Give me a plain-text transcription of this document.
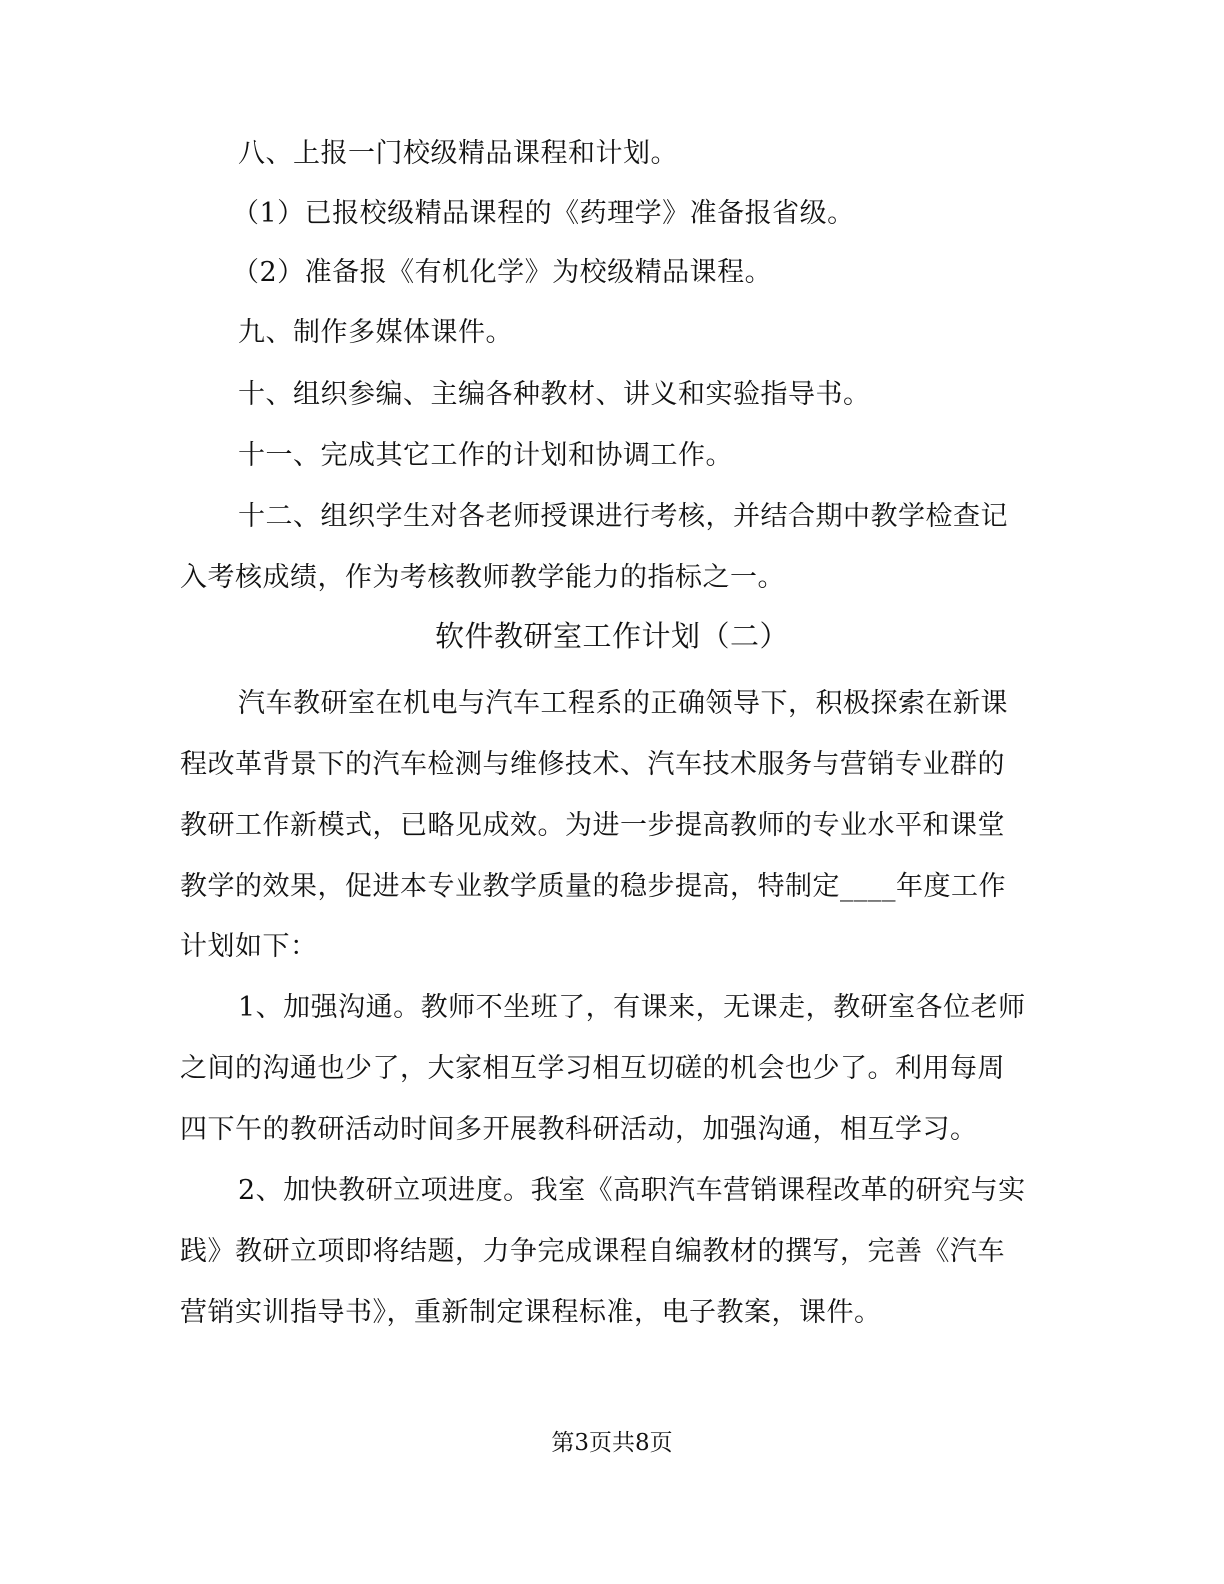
八、上报一门校级精品课程和计划。
（1）已报校级精品课程的《药理学》准备报省级。
（2）准备报《有机化学》为校级精品课程。
九、制作多媒体课件。
十、组织参编、主编各种教材、讲义和实验指导书。
十一、完成其它工作的计划和协调工作。
十二、组织学生对各老师授课进行考核，并结合期中教学检查记
入考核成绩，作为考核教师教学能力的指标之一。
软件教研室工作计划（二）
汽车教研室在机电与汽车工程系的正确领导下，积极探索在新课
程改革背景下的汽车检测与维修技术、汽车技术服务与营销专业群的
教研工作新模式，已略见成效。为进一步提高教师的专业水平和课堂
教学的效果，促进本专业教学质量的稳步提高，特制定____年度工作
计划如下：
1、加强沟通。教师不坐班了，有课来，无课走，教研室各位老师
之间的沟通也少了，大家相互学习相互切磋的机会也少了。利用每周
四下午的教研活动时间多开展教科研活动，加强沟通，相互学习。
2、加快教研立项进度。我室《高职汽车营销课程改革的研究与实
践》教研立项即将结题，力争完成课程自编教材的撰写，完善《汽车
营销实训指导书》，重新制定课程标准，电子教案，课件。
第3页共8页
